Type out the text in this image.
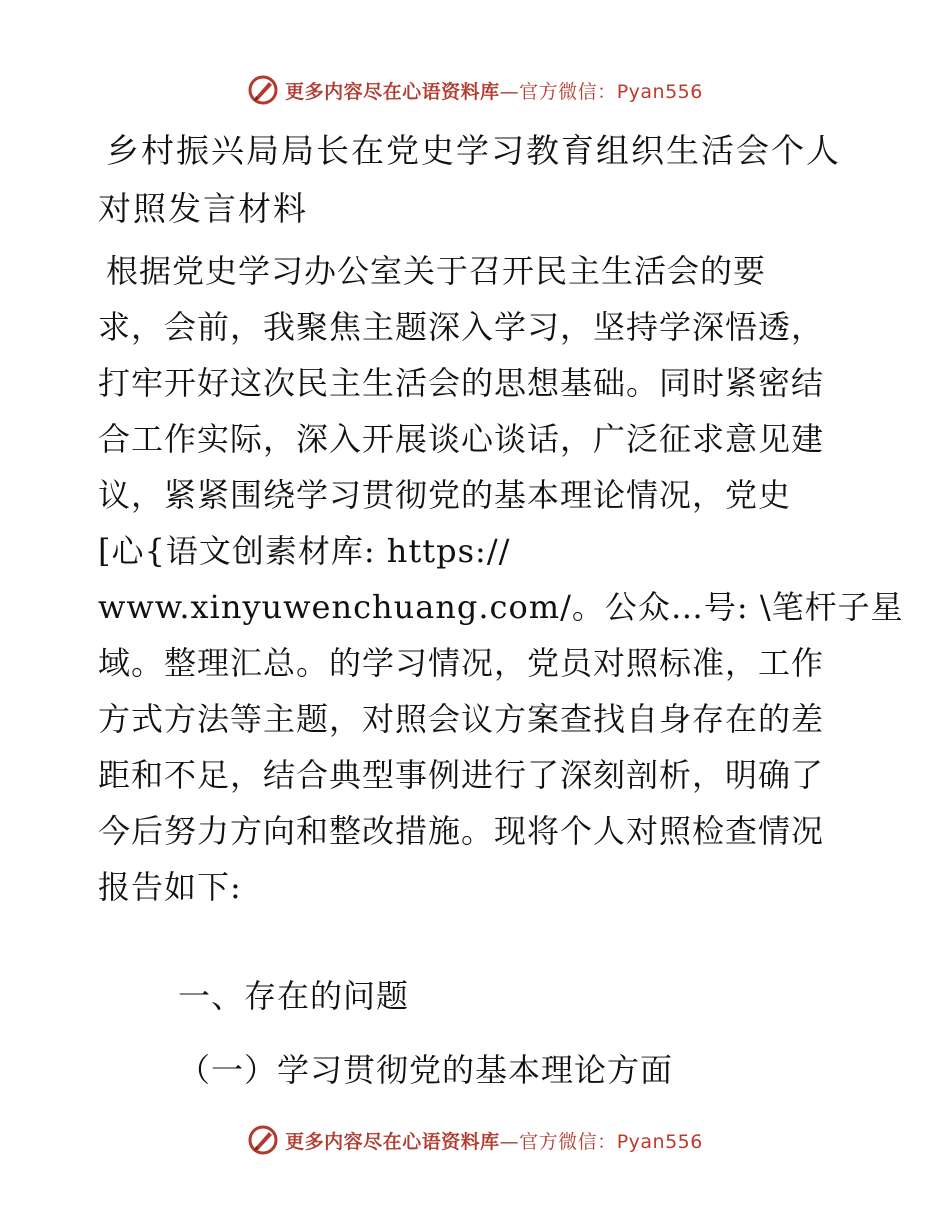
更多内容尽在心语资料库—官方微信：Pyan556
乡村振兴局局长在党史学习教育组织生活会个人
对照发言材料

根据党史学习办公室关于召开民主生活会的要
求，会前，我聚焦主题深入学习，坚持学深悟透，
打牢开好这次民主生活会的思想基础。同时紧密结
合工作实际，深入开展谈心谈话，广泛征求意见建
议，紧紧围绕学习贯彻党的基本理论情况，党史
[心{语文创素材库: https://
www.xinyuwenchuang.com/。公众…号: \笔杆子星
域。整理汇总。的学习情况，党员对照标准，工作
方式方法等主题，对照会议方案查找自身存在的差
距和不足，结合典型事例进行了深刻剖析，明确了
今后努力方向和整改措施。现将个人对照检查情况
报告如下:

一、存在的问题
（一）学习贯彻党的基本理论方面
更多内容尽在心语资料库—官方微信：Pyan556
